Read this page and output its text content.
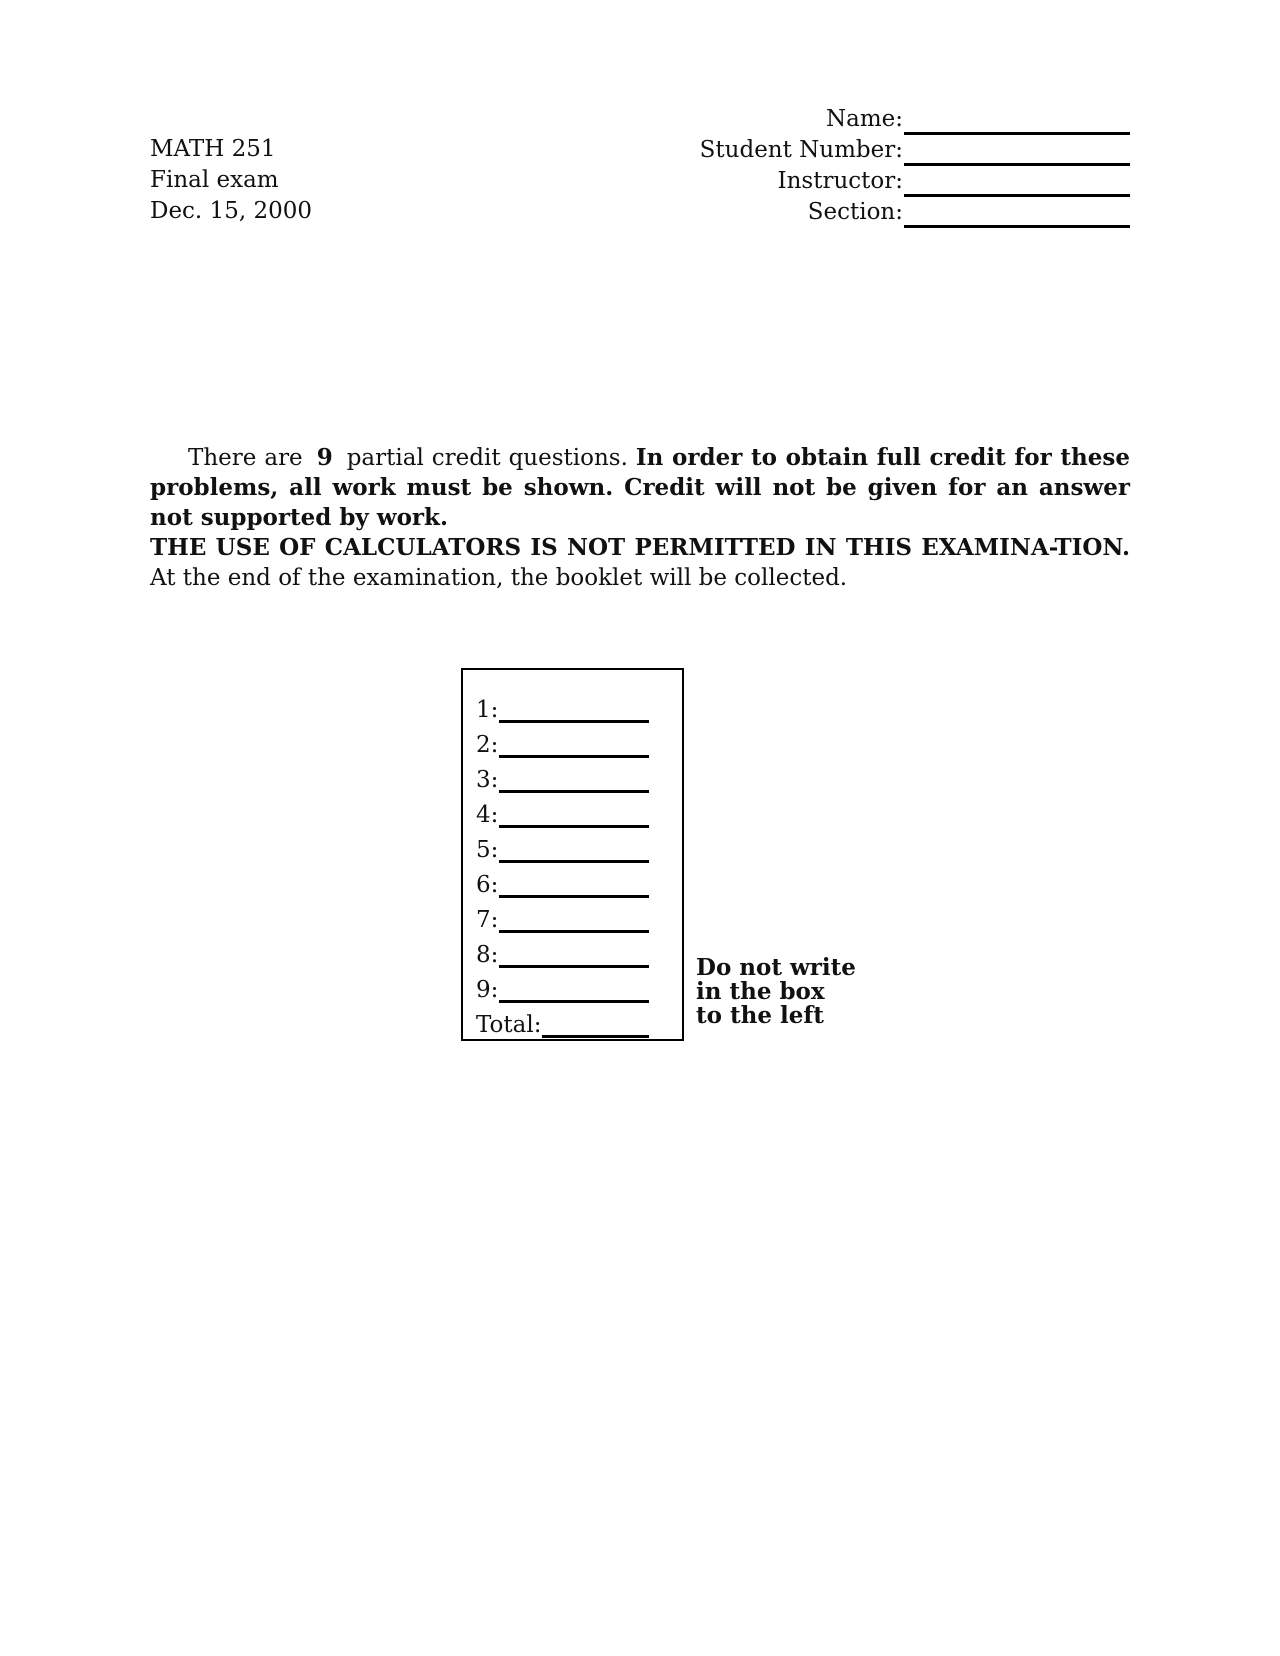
MATH 251
Final exam
Dec. 15, 2000
Name:
Student Number:
Instructor:
Section:
There are 9 partial credit questions. In order to obtain full credit for these problems, all work must be shown. Credit will not be given for an answer not supported by work.
THE USE OF CALCULATORS IS NOT PERMITTED IN THIS EXAMINA-TION. At the end of the examination, the booklet will be collected.
1:
2:
3:
4:
5:
6:
7:
8:
9:
Total:
Do not write
in the box
to the left
